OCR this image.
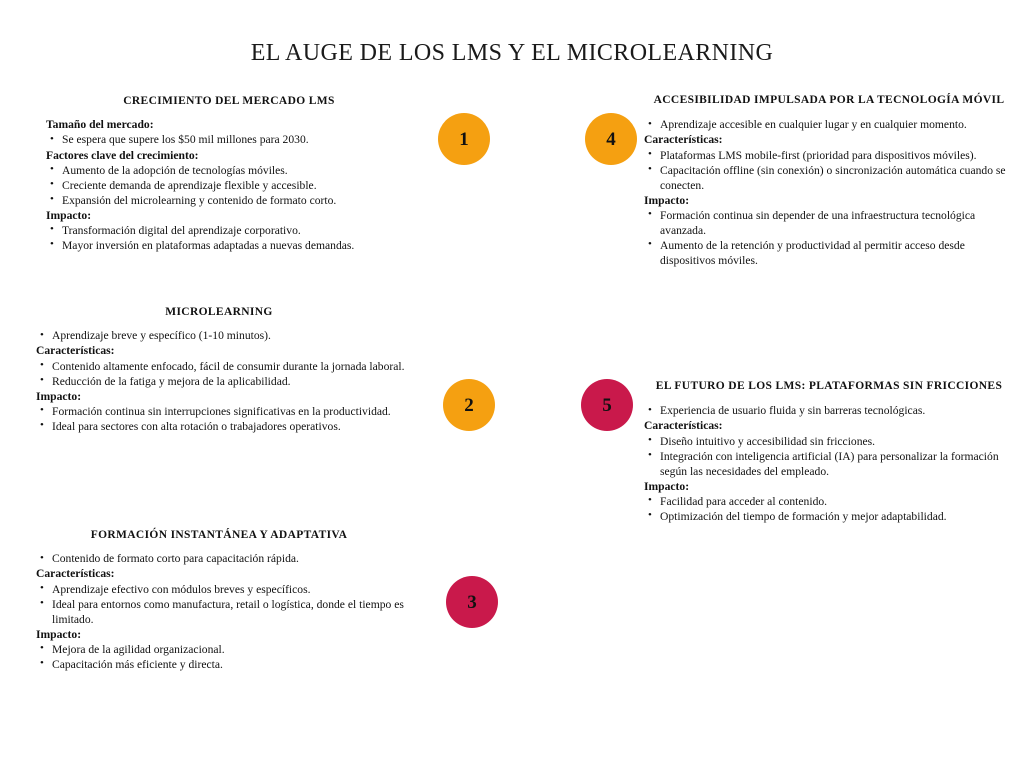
EL AUGE DE LOS LMS Y EL MICROLEARNING
CRECIMIENTO DEL MERCADO LMS
Tamaño del mercado:
• Se espera que supere los $50 mil millones para 2030.
Factores clave del crecimiento:
• Aumento de la adopción de tecnologías móviles.
• Creciente demanda de aprendizaje flexible y accesible.
• Expansión del microlearning y contenido de formato corto.
Impacto:
• Transformación digital del aprendizaje corporativo.
• Mayor inversión en plataformas adaptadas a nuevas demandas.
MICROLEARNING
• Aprendizaje breve y específico (1-10 minutos).
Características:
• Contenido altamente enfocado, fácil de consumir durante la jornada laboral.
• Reducción de la fatiga y mejora de la aplicabilidad.
Impacto:
• Formación continua sin interrupciones significativas en la productividad.
• Ideal para sectores con alta rotación o trabajadores operativos.
FORMACIÓN INSTANTÁNEA Y ADAPTATIVA
• Contenido de formato corto para capacitación rápida.
Características:
• Aprendizaje efectivo con módulos breves y específicos.
• Ideal para entornos como manufactura, retail o logística, donde el tiempo es limitado.
Impacto:
• Mejora de la agilidad organizacional.
• Capacitación más eficiente y directa.
ACCESIBILIDAD IMPULSADA POR LA TECNOLOGÍA MÓVIL
• Aprendizaje accesible en cualquier lugar y en cualquier momento.
Características:
• Plataformas LMS mobile-first (prioridad para dispositivos móviles).
• Capacitación offline (sin conexión) o sincronización automática cuando se conecten.
Impacto:
• Formación continua sin depender de una infraestructura tecnológica avanzada.
• Aumento de la retención y productividad al permitir acceso desde dispositivos móviles.
EL FUTURO DE LOS LMS: PLATAFORMAS SIN FRICCIONES
• Experiencia de usuario fluida y sin barreras tecnológicas.
Características:
• Diseño intuitivo y accesibilidad sin fricciones.
• Integración con inteligencia artificial (IA) para personalizar la formación según las necesidades del empleado.
Impacto:
• Facilidad para acceder al contenido.
• Optimización del tiempo de formación y mejor adaptabilidad.
1
2
3
4
5
